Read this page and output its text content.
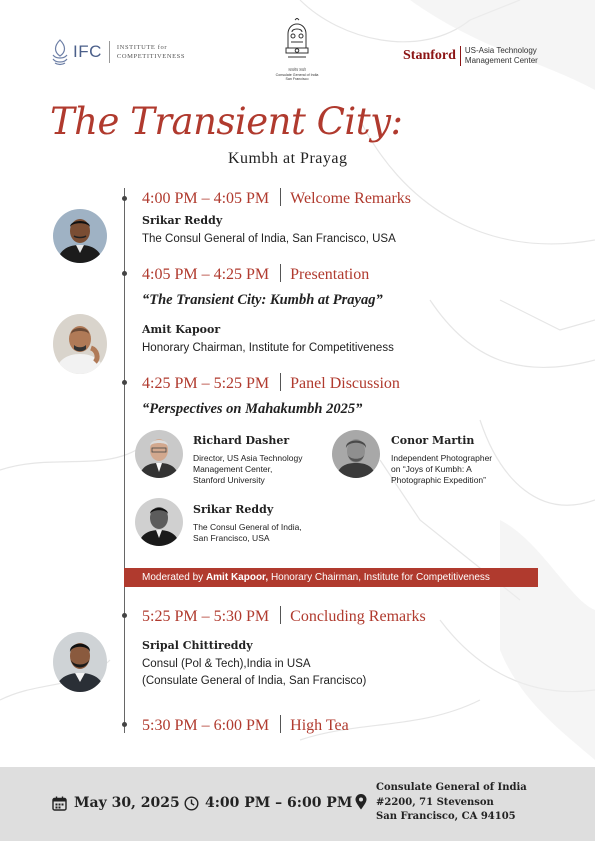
IFC INSTITUTE for
COMPETITIVENESS
सत्यमेव जयते
Consulate General of India
San Francisco
Stanford US-Asia Technology
Management Center
The Transient City:
Kumbh at Prayag
4:00 PM – 4:05 PM Welcome Remarks
Srikar Reddy
The Consul General of India, San Francisco, USA
4:05 PM – 4:25 PM Presentation
“The Transient City: Kumbh at Prayag”
Amit Kapoor
Honorary Chairman, Institute for Competitiveness
4:25 PM – 5:25 PM Panel Discussion
“Perspectives on Mahakumbh 2025”
Richard Dasher
Director, US Asia Technology
Management Center,
Stanford University
Conor Martin
Independent Photographer
on “Joys of Kumbh: A
Photographic Expedition”
Srikar Reddy
The Consul General of India,
San Francisco, USA
Moderated by Amit Kapoor, Honorary Chairman, Institute for Competitiveness
5:25 PM – 5:30 PM Concluding Remarks
Sripal Chittireddy
Consul (Pol & Tech),India in USA
(Consulate General of India, San Francisco)
5:30 PM – 6:00 PM High Tea
May 30, 2025 4:00 PM – 6:00 PM
Consulate General of India
#2200, 71 Stevenson
San Francisco, CA 94105
